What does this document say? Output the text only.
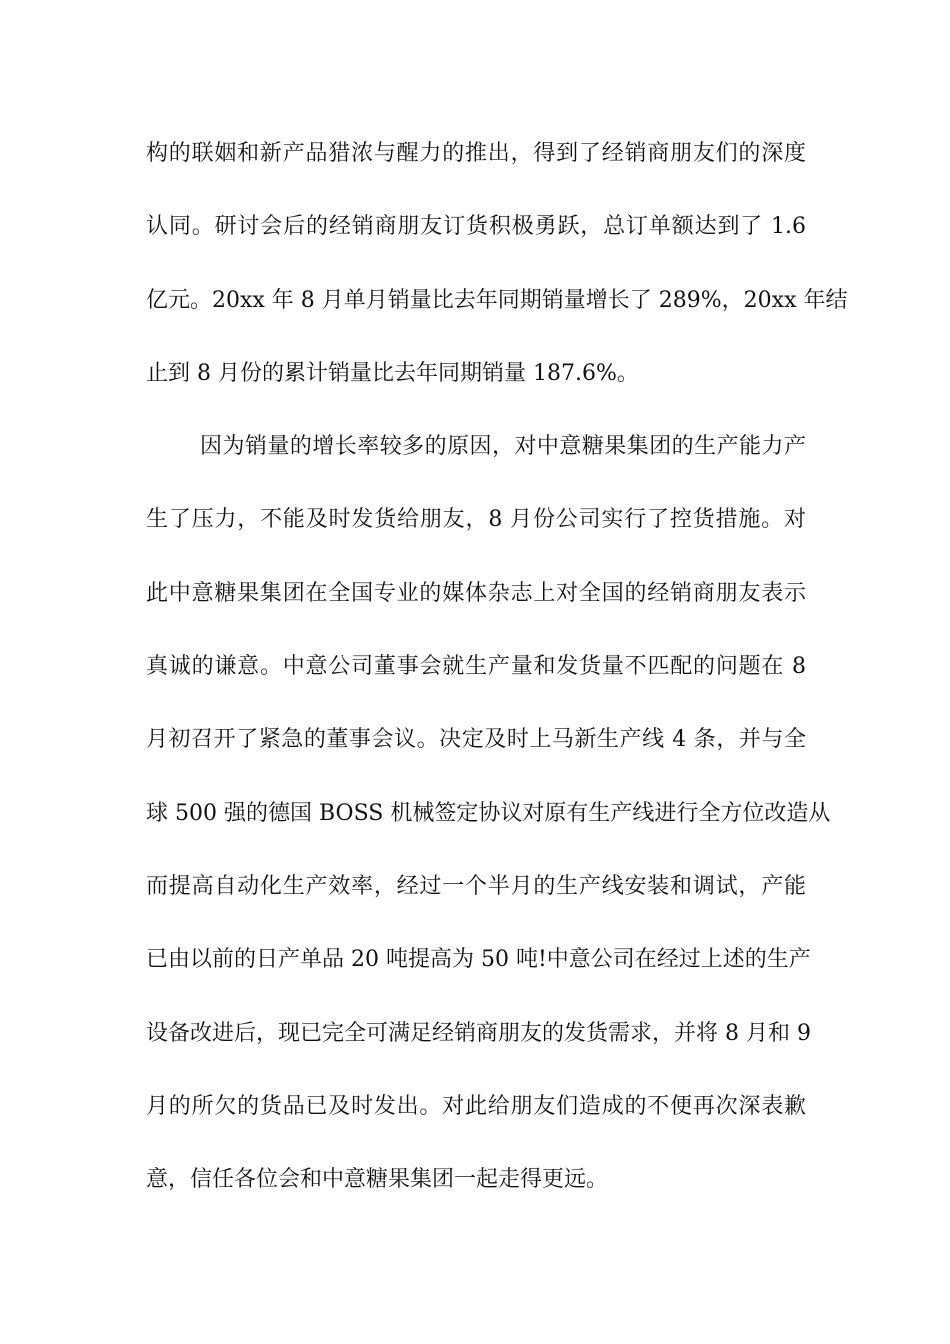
构的联姻和新产品猎浓与醒力的推出，得到了经销商朋友们的深度
认同。研讨会后的经销商朋友订货积极勇跃，总订单额达到了 1.6
亿元。20xx 年 8 月单月销量比去年同期销量增长了 289%，20xx 年结
止到 8 月份的累计销量比去年同期销量 187.6%。
因为销量的增长率较多的原因，对中意糖果集团的生产能力产
生了压力，不能及时发货给朋友，8 月份公司实行了控货措施。对
此中意糖果集团在全国专业的媒体杂志上对全国的经销商朋友表示
真诚的谦意。中意公司董事会就生产量和发货量不匹配的问题在 8
月初召开了紧急的董事会议。决定及时上马新生产线 4 条，并与全
球 500 强的德国 BOSS 机械签定协议对原有生产线进行全方位改造从
而提高自动化生产效率，经过一个半月的生产线安装和调试，产能
已由以前的日产单品 20 吨提高为 50 吨!中意公司在经过上述的生产
设备改进后，现已完全可满足经销商朋友的发货需求，并将 8 月和 9
月的所欠的货品已及时发出。对此给朋友们造成的不便再次深表歉
意，信任各位会和中意糖果集团一起走得更远。
